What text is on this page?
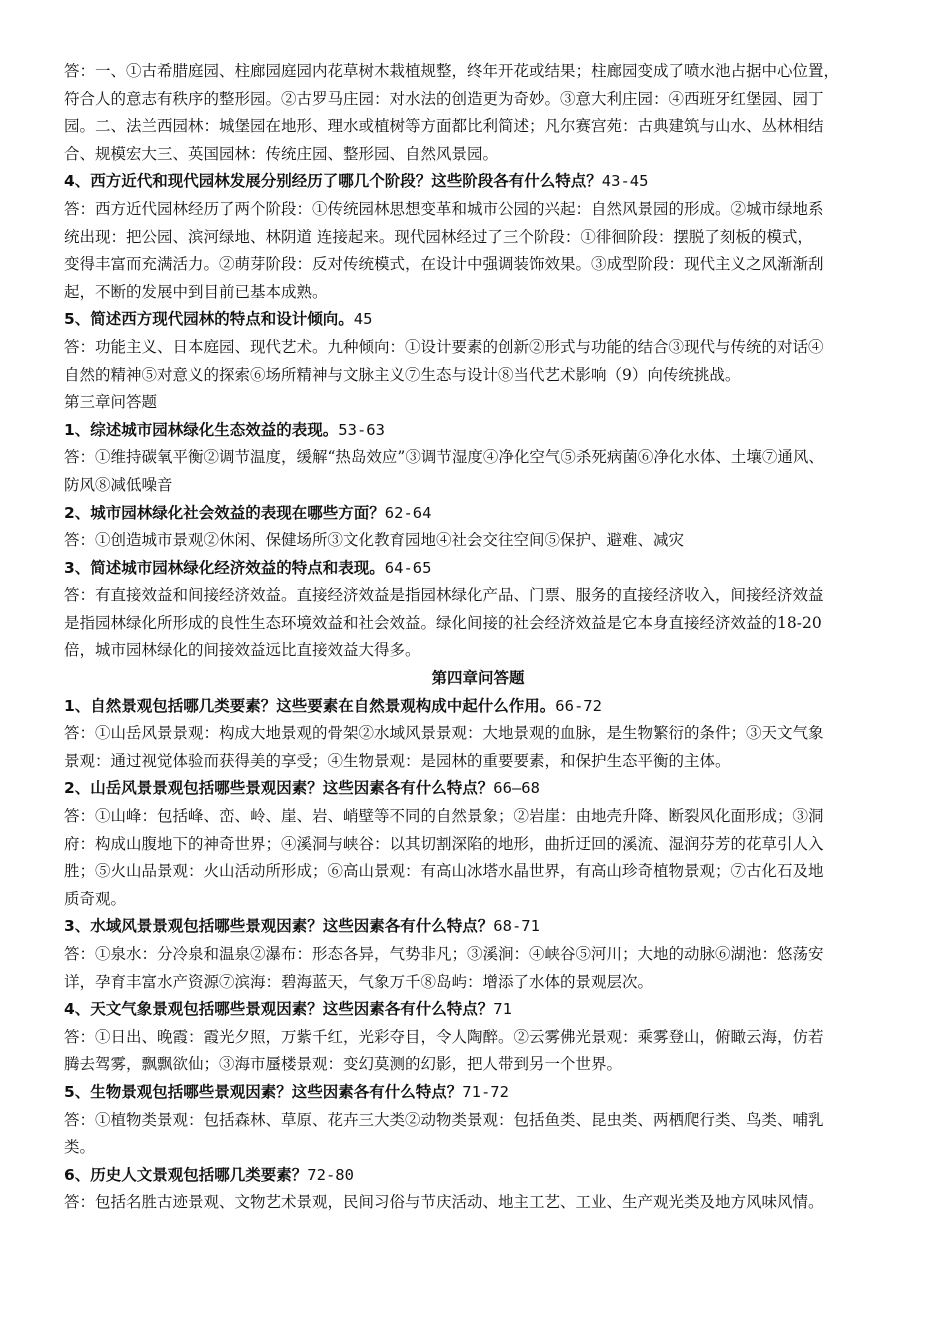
答：一、①古希腊庭园、柱廊园庭园内花草树木栽植规整，终年开花或结果；柱廊园变成了喷水池占据中心位置，
符合人的意志有秩序的整形园。②古罗马庄园：对水法的创造更为奇妙。③意大利庄园：④西班牙红堡园、园丁
园。二、法兰西园林：城堡园在地形、理水或植树等方面都比利简述；凡尔赛宫苑：古典建筑与山水、丛林相结
合、规模宏大三、英国园林：传统庄园、整形园、自然风景园。
4、西方近代和现代园林发展分别经历了哪几个阶段？这些阶段各有什么特点？43-45
答：西方近代园林经历了两个阶段：①传统园林思想变革和城市公园的兴起：自然风景园的形成。②城市绿地系
统出现：把公园、滨河绿地、林阴道 连接起来。现代园林经过了三个阶段：①徘徊阶段：摆脱了刻板的模式，
变得丰富而充满活力。②萌芽阶段：反对传统模式，在设计中强调装饰效果。③成型阶段：现代主义之风渐渐刮
起，不断的发展中到目前已基本成熟。
5、简述西方现代园林的特点和设计倾向。45
答：功能主义、日本庭园、现代艺术。九种倾向：①设计要素的创新②形式与功能的结合③现代与传统的对话④
自然的精神⑤对意义的探索⑥场所精神与文脉主义⑦生态与设计⑧当代艺术影响（9）向传统挑战。
第三章问答题
1、综述城市园林绿化生态效益的表现。53-63
答：①维持碳氧平衡②调节温度，缓解“热岛效应”③调节湿度④净化空气⑤杀死病菌⑥净化水体、土壤⑦通风、
防风⑧减低噪音
2、城市园林绿化社会效益的表现在哪些方面？62-64
答：①创造城市景观②休闲、保健场所③文化教育园地④社会交往空间⑤保护、避难、减灾
3、简述城市园林绿化经济效益的特点和表现。64-65
答：有直接效益和间接经济效益。直接经济效益是指园林绿化产品、门票、服务的直接经济收入，间接经济效益
是指园林绿化所形成的良性生态环境效益和社会效益。绿化间接的社会经济效益是它本身直接经济效益的18-20
倍，城市园林绿化的间接效益远比直接效益大得多。
第四章问答题
1、自然景观包括哪几类要素？这些要素在自然景观构成中起什么作用。66-72
答：①山岳风景景观：构成大地景观的骨架②水域风景景观：大地景观的血脉，是生物繁衍的条件；③天文气象
景观：通过视觉体验而获得美的享受；④生物景观：是园林的重要要素，和保护生态平衡的主体。
2、山岳风景景观包括哪些景观因素？这些因素各有什么特点？66—68
答：①山峰：包括峰、峦、岭、崖、岩、峭壁等不同的自然景象；②岩崖：由地壳升降、断裂风化面形成；③洞
府：构成山腹地下的神奇世界；④溪洞与峡谷：以其切割深陷的地形，曲折迂回的溪流、湿润芬芳的花草引人入
胜；⑤火山品景观：火山活动所形成；⑥高山景观：有高山冰塔水晶世界，有高山珍奇植物景观；⑦古化石及地
质奇观。
3、水域风景景观包括哪些景观因素？这些因素各有什么特点？68-71
答：①泉水：分冷泉和温泉②瀑布：形态各异，气势非凡；③溪涧：④峡谷⑤河川；大地的动脉⑥湖池：悠荡安
详，孕育丰富水产资源⑦滨海：碧海蓝天，气象万千⑧岛屿：增添了水体的景观层次。
4、天文气象景观包括哪些景观因素？这些因素各有什么特点？71
答：①日出、晚霞：霞光夕照，万紫千红，光彩夺目，令人陶醉。②云雾佛光景观：乘雾登山，俯瞰云海，仿若
腾去驾雾，飘飘欲仙；③海市蜃楼景观：变幻莫测的幻影，把人带到另一个世界。
5、生物景观包括哪些景观因素？这些因素各有什么特点？71-72
答：①植物类景观：包括森林、草原、花卉三大类②动物类景观：包括鱼类、昆虫类、两栖爬行类、鸟类、哺乳
类。
6、历史人文景观包括哪几类要素？72-80
答：包括名胜古迹景观、文物艺术景观，民间习俗与节庆活动、地主工艺、工业、生产观光类及地方风味风情。
